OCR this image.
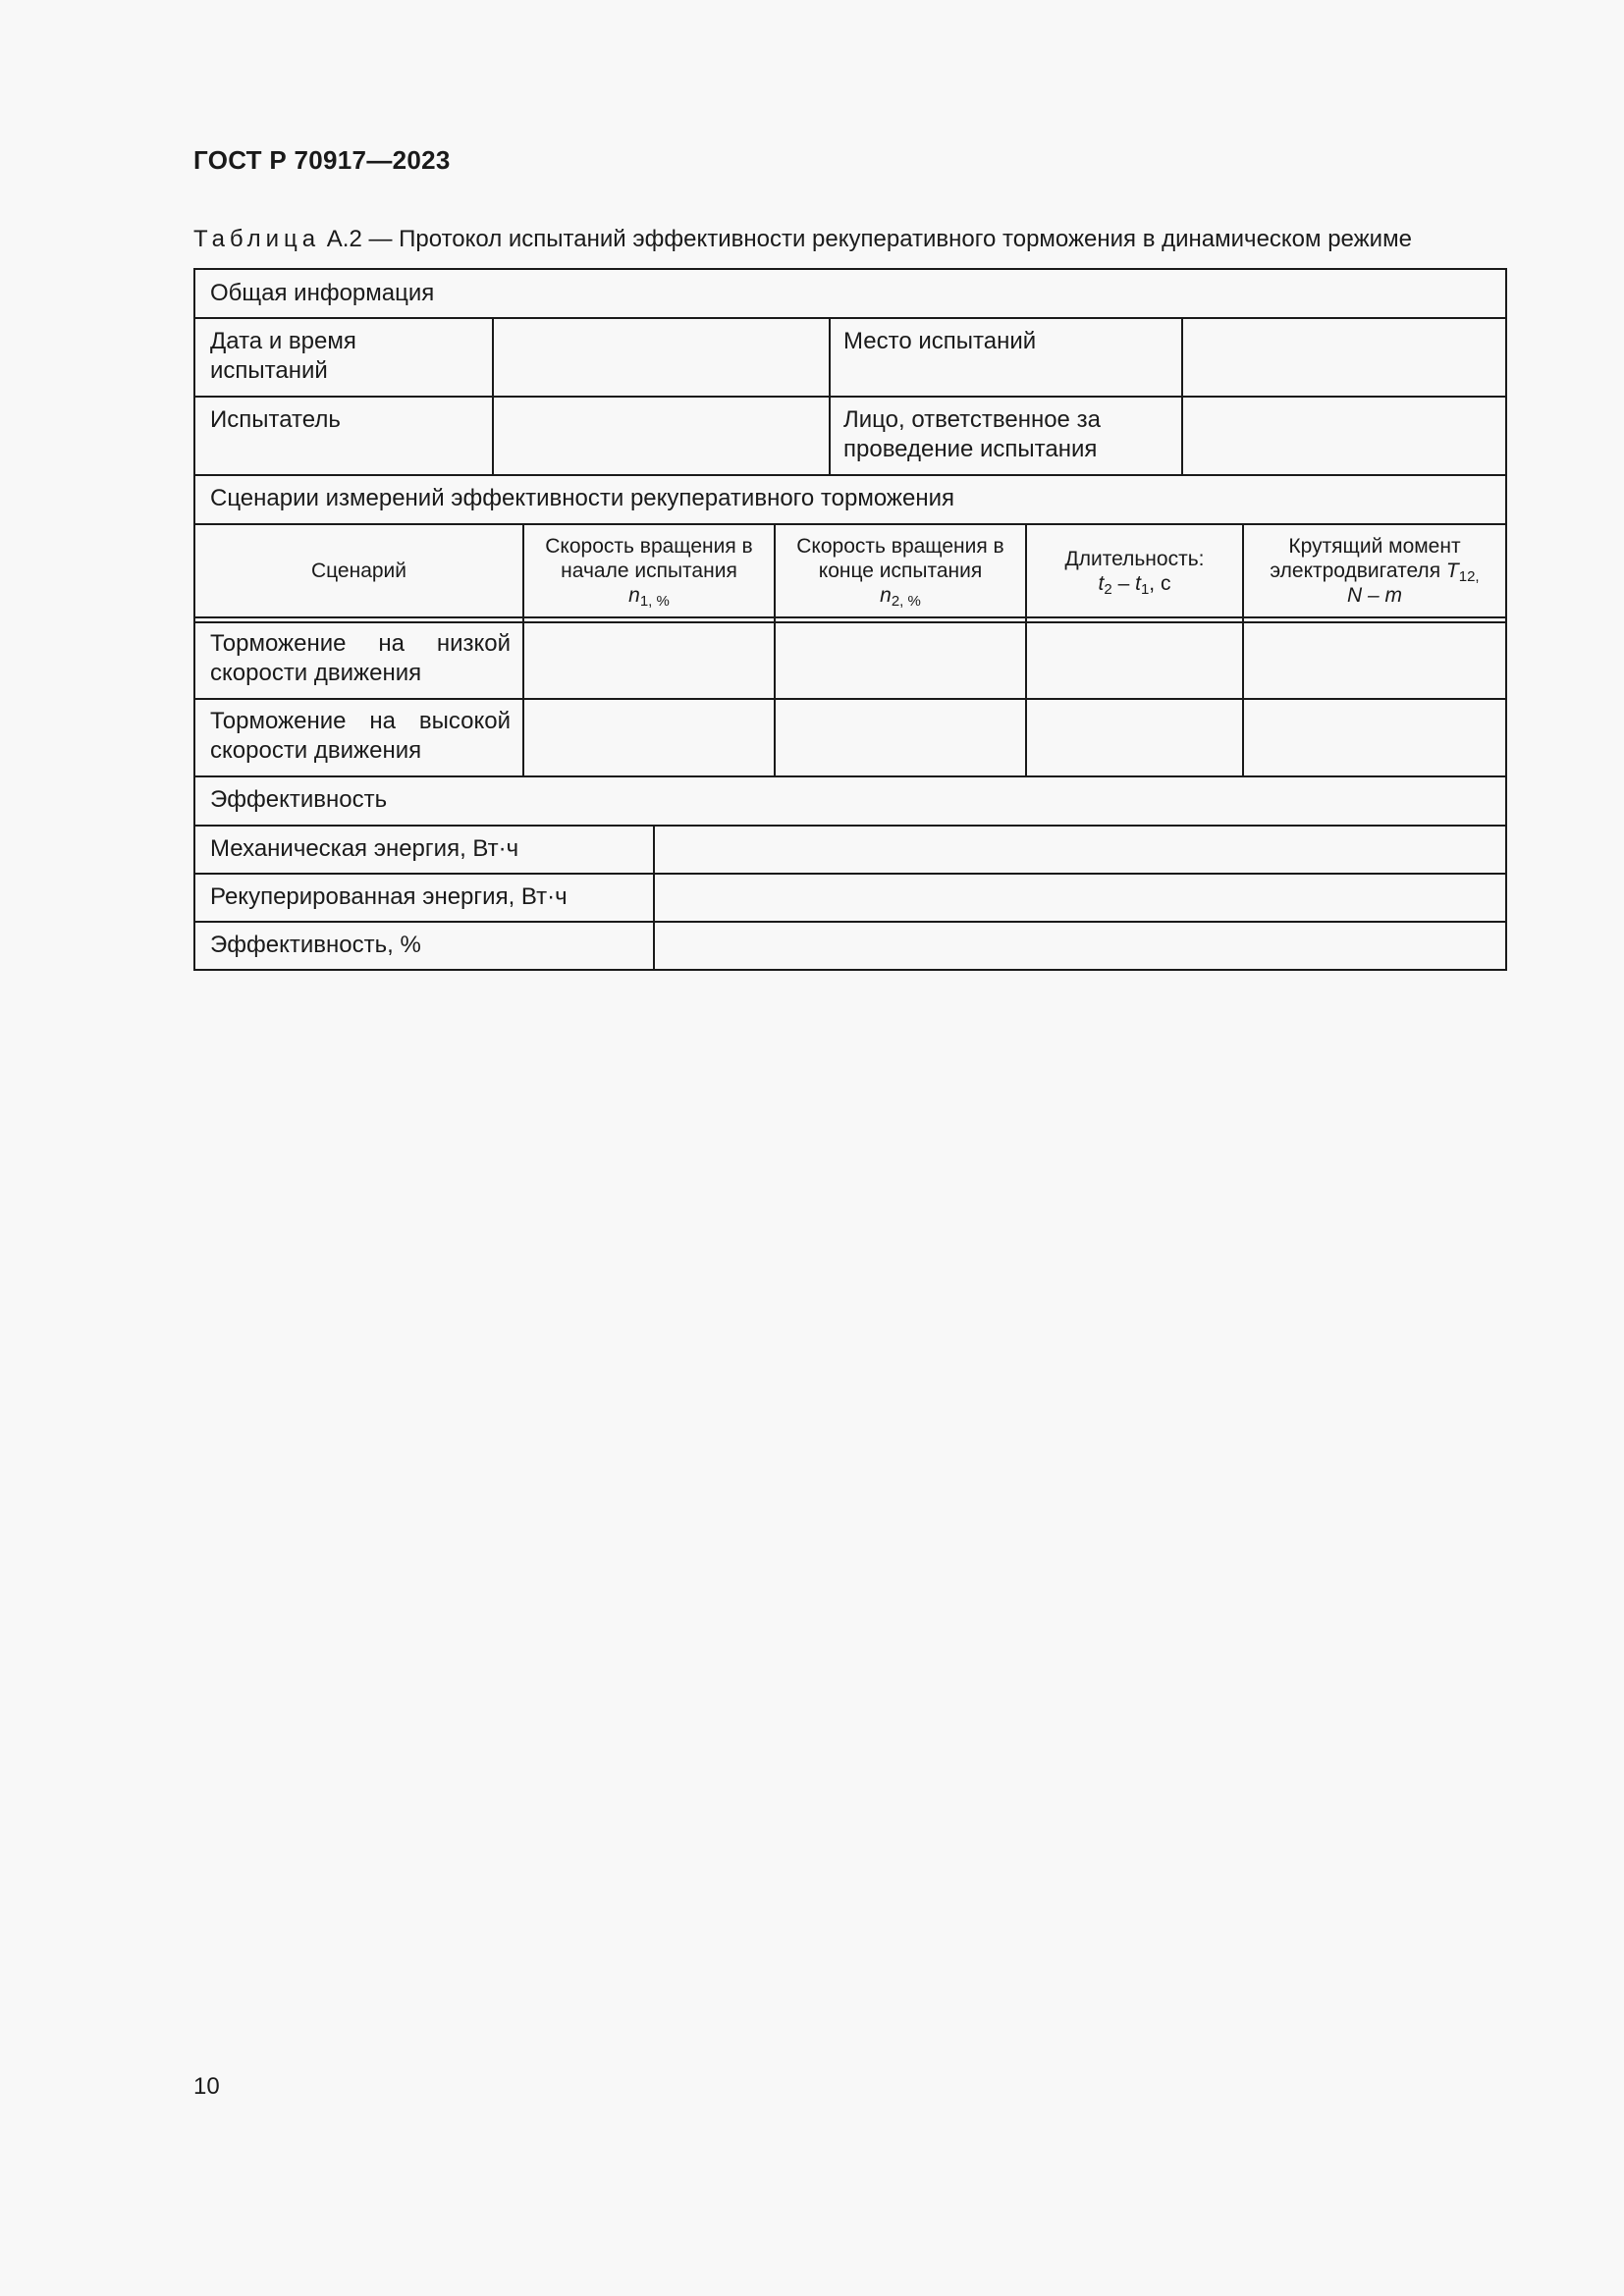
ГОСТ Р 70917—2023
Таблица А.2 — Протокол испытаний эффективности рекуперативного торможения в динамическом режиме
Общая информация
Дата и время испытаний
Место испытаний
Испытатель	Лицо, ответственное за проведение испытания
Сценарии измерений эффективности рекуперативного торможения
Сценарий
Скорость вращения в начале испытания
$n_{1, \%}$
Скорость вращения в конце испытания
$n_{2, \%}$
Длительность:
$t_2 - t_1$, с
Крутящий момент электродвигателя $T_{12,}$
N – m
Торможение на низкой скорости движения
Торможение на высокой скорости движения
Эффективность
Механическая энергия, Вт·ч
Рекуперированная энергия, Вт·ч
Эффективность, %
10
